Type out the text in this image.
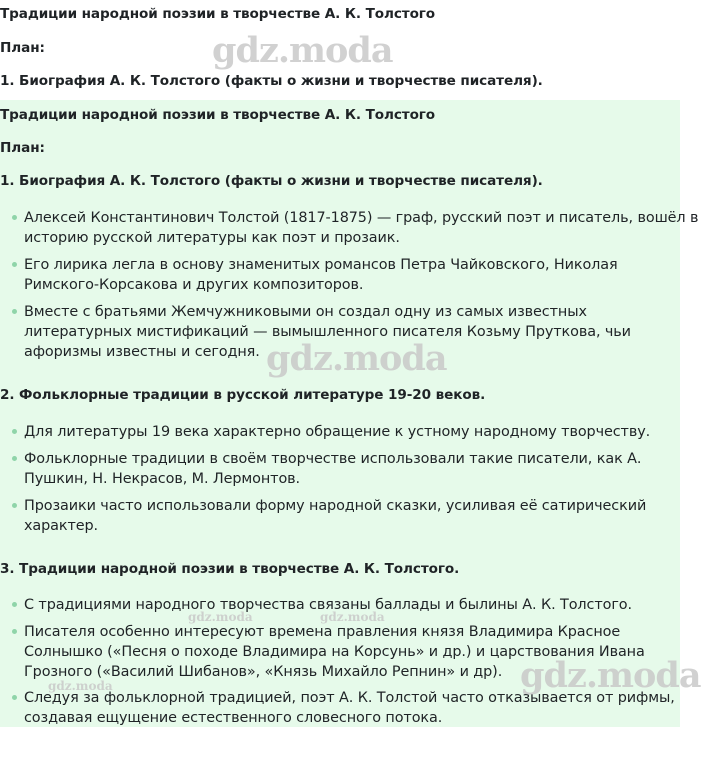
Традиции народной поэзии в творчестве А. К. Толстого
План:
1. Биография А. К. Толстого (факты о жизни и творчестве писателя).
Традиции народной поэзии в творчестве А. К. Толстого
План:
1. Биография А. К. Толстого (факты о жизни и творчестве писателя).
Алексей Константинович Толстой (1817-1875) — граф, русский поэт и писатель, вошёл в
историю русской литературы как поэт и прозаик.
Его лирика легла в основу знаменитых романсов Петра Чайковского, Николая
Римского-Корсакова и других композиторов.
Вместе с братьями Жемчужниковыми он создал одну из самых известных
литературных мистификаций — вымышленного писателя Козьму Пруткова, чьи
афоризмы известны и сегодня.
2. Фольклорные традиции в русской литературе 19-20 веков.
Для литературы 19 века характерно обращение к устному народному творчеству.
Фольклорные традиции в своём творчестве использовали такие писатели, как А.
Пушкин, Н. Некрасов, М. Лермонтов.
Прозаики часто использовали форму народной сказки, усиливая её сатирический
характер.
3. Традиции народной поэзии в творчестве А. К. Толстого.
С традициями народного творчества связаны баллады и былины А. К. Толстого.
Писателя особенно интересуют времена правления князя Владимира Красное
Солнышко («Песня о походе Владимира на Корсунь» и др.) и царствования Ивана
Грозного («Василий Шибанов», «Князь Михайло Репнин» и др).
Следуя за фольклорной традицией, поэт А. К. Толстой часто отказывается от рифмы,
создавая ещущение естественного словесного потока.
gdz.moda
gdz.moda
gdz.moda
gdz.moda	gdz.moda
gdz.moda
